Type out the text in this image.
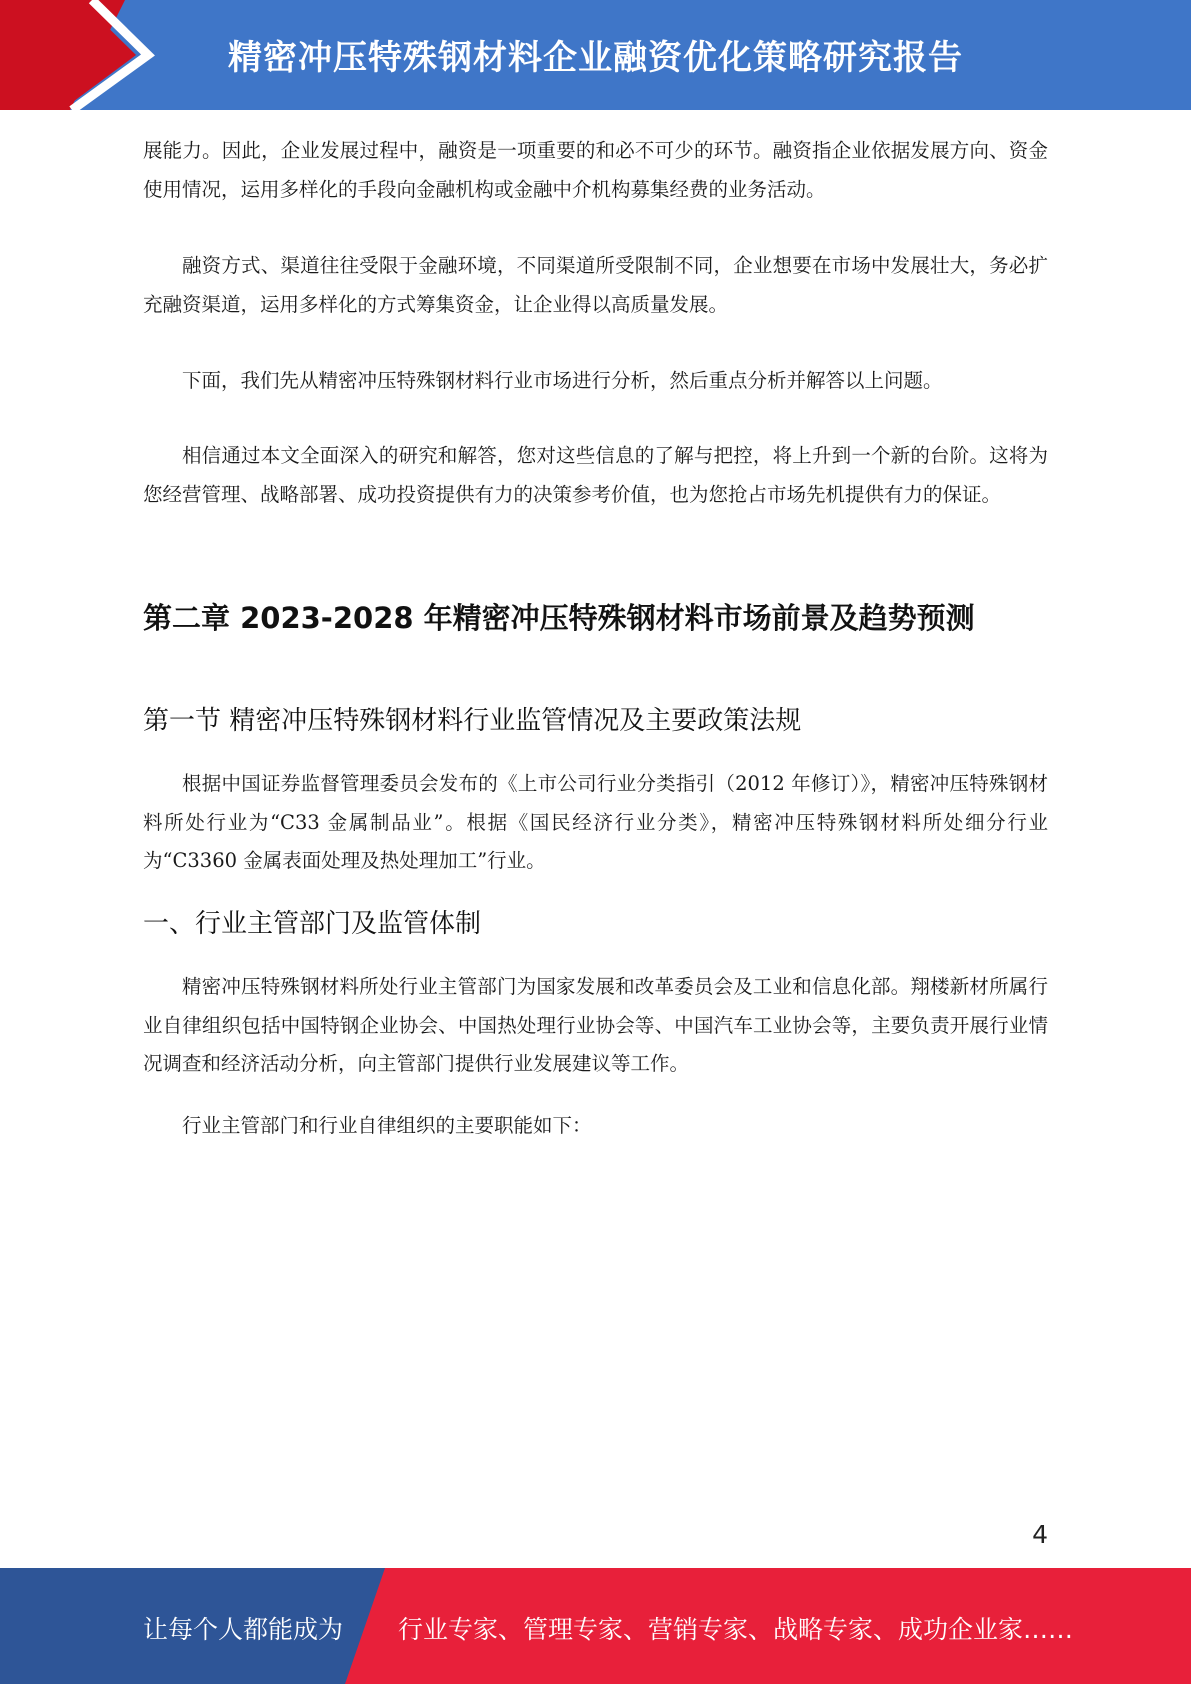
精密冲压特殊钢材料企业融资优化策略研究报告

展能力。因此，企业发展过程中，融资是一项重要的和必不可少的环节。融资指企业依据发展方向、资金使用情况，运用多样化的手段向金融机构或金融中介机构募集经费的业务活动。

融资方式、渠道往往受限于金融环境，不同渠道所受限制不同，企业想要在市场中发展壮大，务必扩充融资渠道，运用多样化的方式筹集资金，让企业得以高质量发展。

下面，我们先从精密冲压特殊钢材料行业市场进行分析，然后重点分析并解答以上问题。

相信通过本文全面深入的研究和解答，您对这些信息的了解与把控，将上升到一个新的台阶。这将为您经营管理、战略部署、成功投资提供有力的决策参考价值，也为您抢占市场先机提供有力的保证。

第二章 2023-2028 年精密冲压特殊钢材料市场前景及趋势预测
第一节 精密冲压特殊钢材料行业监管情况及主要政策法规

根据中国证券监督管理委员会发布的《上市公司行业分类指引（2012 年修订）》，精密冲压特殊钢材料所处行业为“C33 金属制品业”。根据《国民经济行业分类》，精密冲压特殊钢材料所处细分行业为“C3360 金属表面处理及热处理加工”行业。

一、行业主管部门及监管体制

精密冲压特殊钢材料所处行业主管部门为国家发展和改革委员会及工业和信息化部。翔楼新材所属行业自律组织包括中国特钢企业协会、中国热处理行业协会等、中国汽车工业协会等，主要负责开展行业情况调查和经济活动分析，向主管部门提供行业发展建议等工作。

行业主管部门和行业自律组织的主要职能如下：

4
让每个人都能成为 行业专家、管理专家、营销专家、战略专家、成功企业家……
